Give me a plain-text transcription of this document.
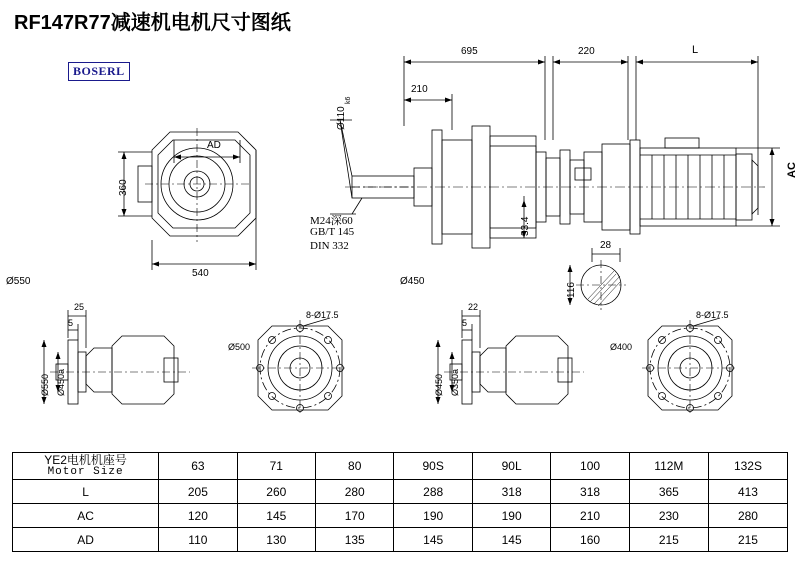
RF147R77减速机电机尺寸图纸
BOSERL
695	220	L
210
Ø110
k6
AC
AD
360
540
33.4
28
116
M24深60
GB/T 145
DIN 332
Ø550	Ø450
25
5
22
5
Ø550 Ø450a	Ø450 Ø350a
Ø500
8-Ø17.5
Ø400
8-Ø17.5
YE2电机机座号
Motor Size	63	71	80	90S	90L	100	112M	132S
L	205	260	280	288	318	318	365	413
AC	120	145	170	190	190	210	230	280
AD	110	130	135	145	145	160	215	215
